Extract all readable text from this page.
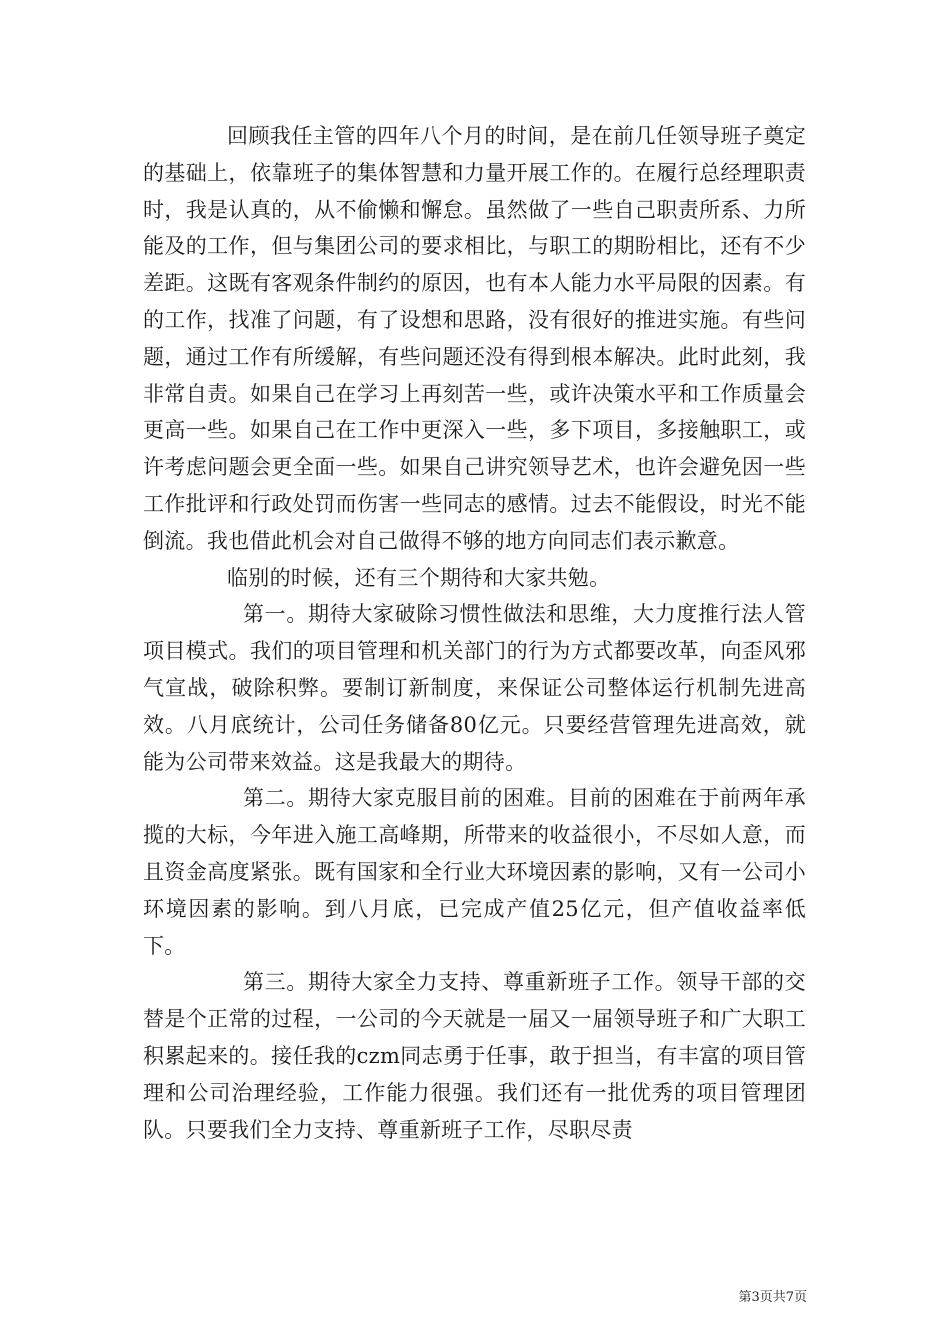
回顾我任主管的四年八个月的时间，是在前几任领导班子奠定的基础上，依靠班子的集体智慧和力量开展工作的。在履行总经理职责时，我是认真的，从不偷懒和懈怠。虽然做了一些自己职责所系、力所能及的工作，但与集团公司的要求相比，与职工的期盼相比，还有不少差距。这既有客观条件制约的原因，也有本人能力水平局限的因素。有的工作，找准了问题，有了设想和思路，没有很好的推进实施。有些问题，通过工作有所缓解，有些问题还没有得到根本解决。此时此刻，我非常自责。如果自己在学习上再刻苦一些，或许决策水平和工作质量会更高一些。如果自己在工作中更深入一些，多下项目，多接触职工，或许考虑问题会更全面一些。如果自己讲究领导艺术，也许会避免因一些工作批评和行政处罚而伤害一些同志的感情。过去不能假设，时光不能倒流。我也借此机会对自己做得不够的地方向同志们表示歉意。

临别的时候，还有三个期待和大家共勉。

第一。期待大家破除习惯性做法和思维，大力度推行法人管项目模式。我们的项目管理和机关部门的行为方式都要改革，向歪风邪气宣战，破除积弊。要制订新制度，来保证公司整体运行机制先进高效。八月底统计，公司任务储备80亿元。只要经营管理先进高效，就能为公司带来效益。这是我最大的期待。

第二。期待大家克服目前的困难。目前的困难在于前两年承揽的大标，今年进入施工高峰期，所带来的收益很小，不尽如人意，而且资金高度紧张。既有国家和全行业大环境因素的影响，又有一公司小环境因素的影响。到八月底，已完成产值25亿元，但产值收益率低下。

第三。期待大家全力支持、尊重新班子工作。领导干部的交替是个正常的过程，一公司的今天就是一届又一届领导班子和广大职工积累起来的。接任我的czm同志勇于任事，敢于担当，有丰富的项目管理和公司治理经验，工作能力很强。我们还有一批优秀的项目管理团队。只要我们全力支持、尊重新班子工作，尽职尽责

第3页共7页
